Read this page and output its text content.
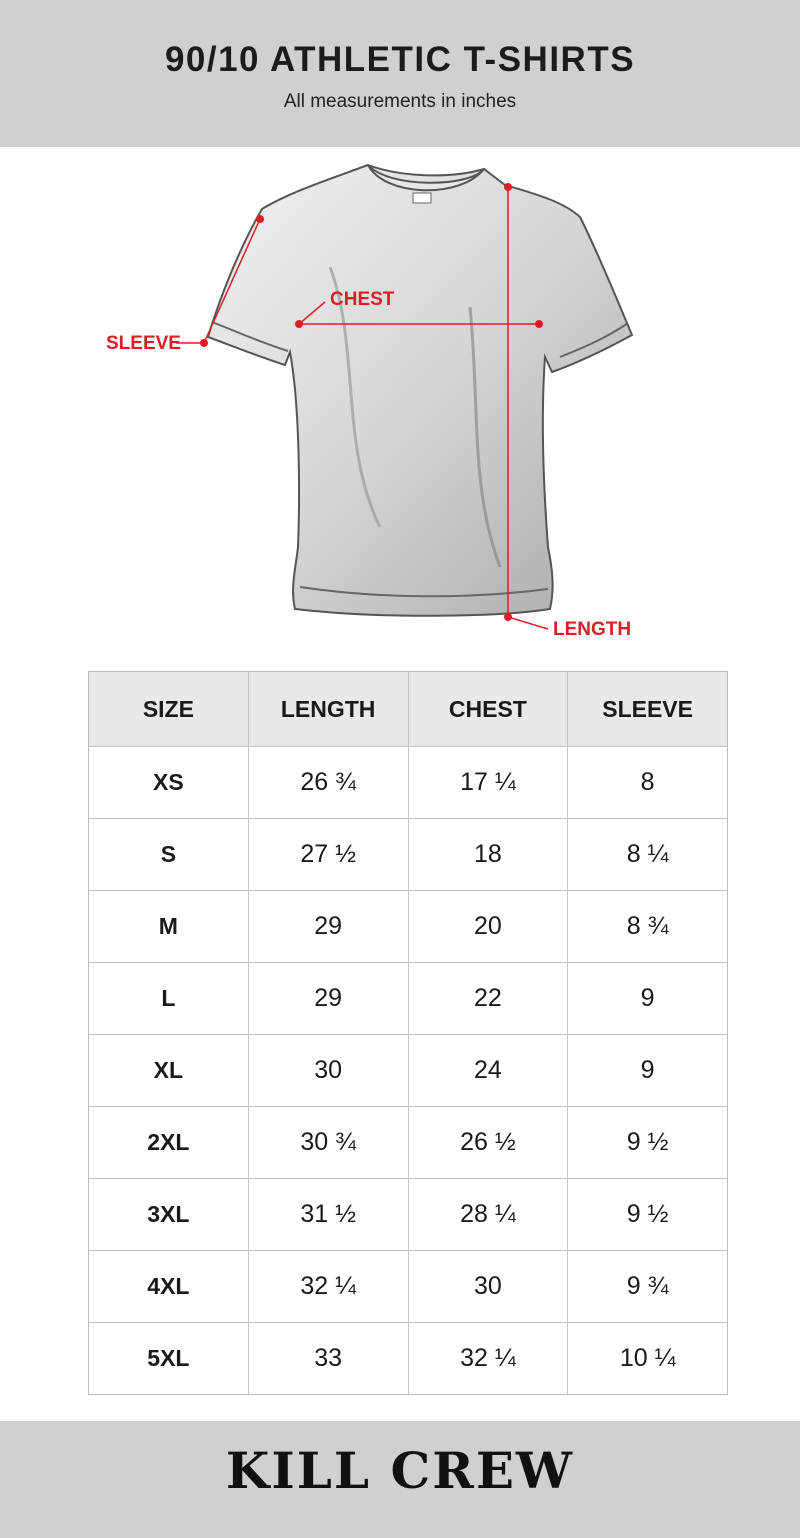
90/10 ATHLETIC T-SHIRTS
All measurements in inches
CHEST
SLEEVE
LENGTH
SIZE	LENGTH	CHEST	SLEEVE
XS	26 ¾	17 ¼	8
S	27 ½	18	8 ¼
M	29	20	8 ¾
L	29	22	9
XL	30	24	9
2XL	30 ¾	26 ½	9 ½
3XL	31 ½	28 ¼	9 ½
4XL	32 ¼	30	9 ¾
5XL	33	32 ¼	10 ¼
KILL CREW
